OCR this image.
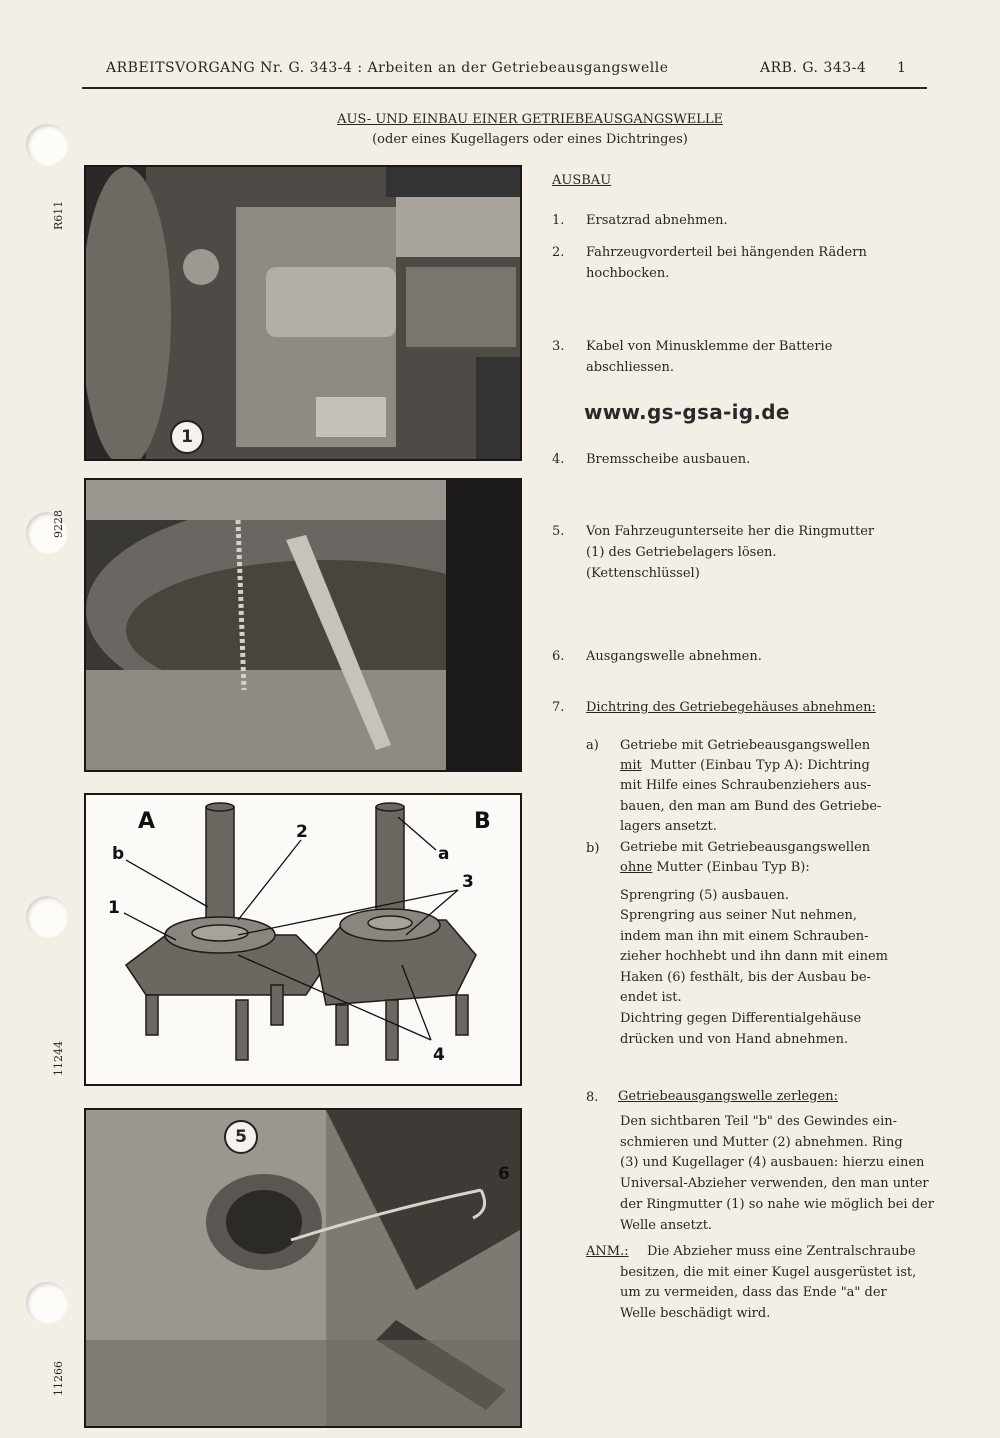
ARBEITSVORGANG Nr. G. 343-4 : Arbeiten an der Getriebeausgangswelle	ARB. G. 343-4 1
AUS- UND EINBAU EINER GETRIEBEAUSGANGSWELLE
(oder eines Kugellagers oder eines Dichtringes)
R611
9228
11244
11266
1
A	B
b	a
1
2
3
4
5
6
www.gs-gsa-ig.de
AUSBAU
1. Ersatzrad abnehmen.
2. Fahrzeugvorderteil bei hängenden Rädern
hochbocken.
3. Kabel von Minusklemme der Batterie
abschliessen.
4. Bremsscheibe ausbauen.
5. Von Fahrzeugunterseite her die Ringmutter
(1) des Getriebelagers lösen.
(Kettenschlüssel)
6. Ausgangswelle abnehmen.
7. Dichtring des Getriebegehäuses abnehmen:
a) Getriebe mit Getriebeausgangswellen
mit Mutter (Einbau Typ A): Dichtring
mit Hilfe eines Schraubenziehers aus-
bauen, den man am Bund des Getriebe-
lagers ansetzt.
b) Getriebe mit Getriebeausgangswellen
ohne Mutter (Einbau Typ B):
Sprengring (5) ausbauen.
Sprengring aus seiner Nut nehmen,
indem man ihn mit einem Schrauben-
zieher hochhebt und ihn dann mit einem
Haken (6) festhält, bis der Ausbau be-
endet ist.
Dichtring gegen Differentialgehäuse
drücken und von Hand abnehmen.
8. Getriebeausgangswelle zerlegen:
Den sichtbaren Teil "b" des Gewindes ein-
schmieren und Mutter (2) abnehmen. Ring
(3) und Kugellager (4) ausbauen: hierzu einen
Universal-Abzieher verwenden, den man unter
der Ringmutter (1) so nahe wie möglich bei der
Welle ansetzt.
ANM.: Die Abzieher muss eine Zentralschraube
besitzen, die mit einer Kugel ausgerüstet ist,
um zu vermeiden, dass das Ende "a" der
Welle beschädigt wird.
